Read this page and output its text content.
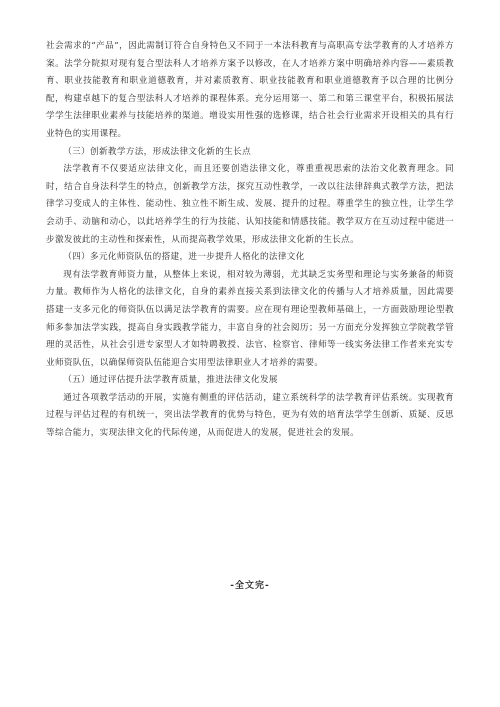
社会需求的“产品”，因此需制订符合自身特色又不同于一本法科教育与高职高专法学教育的人才培养方案。法学分院拟对现有复合型法科人才培养方案予以修改，在人才培养方案中明确培养内容——素质教育、职业技能教育和职业道德教育，并对素质教育、职业技能教育和职业道德教育予以合理的比例分配，构建卓越下的复合型法科人才培养的课程体系。充分运用第一、第二和第三课堂平台，积极拓展法学学生法律职业素养与技能培养的渠道。增设实用性强的选修课，结合社会行业需求开设相关的具有行业特色的实用课程。

（三）创新教学方法，形成法律文化新的生长点

法学教育不仅要适应法律文化，而且还要创造法律文化，尊重重视思索的法治文化教育理念。同时，结合自身法科学生的特点，创新教学方法，探究互动性教学，一改以往法律辞典式教学方法，把法律学习变成人的主体性、能动性、独立性不断生成、发展、提升的过程。尊重学生的独立性，让学生学会动手、动脑和动心，以此培养学生的行为技能、认知技能和情感技能。教学双方在互动过程中能进一步激发彼此的主动性和探索性，从而提高教学效果，形成法律文化新的生长点。

（四）多元化师资队伍的搭建，进一步提升人格化的法律文化

现有法学教育师资力量，从整体上来说，相对较为薄弱，尤其缺乏实务型和理论与实务兼备的师资力量。教师作为人格化的法律文化，自身的素养直接关系到法律文化的传播与人才培养质量，因此需要搭建一支多元化的师资队伍以满足法学教育的需要。应在现有理论型教师基础上，一方面鼓励理论型教师多参加法学实践，提高自身实践教学能力，丰富自身的社会阅历；另一方面充分发挥独立学院教学管理的灵活性，从社会引进专家型人才如特聘教授、法官、检察官、律师等一线实务法律工作者来充实专业师资队伍，以确保师资队伍能迎合实用型法律职业人才培养的需要。

（五）通过评估提升法学教育质量，推进法律文化发展

通过各项教学活动的开展，实施有侧重的评估活动，建立系统科学的法学教育评估系统。实现教育过程与评估过程的有机统一，突出法学教育的优势与特色，更为有效的培育法学学生创新、质疑、反思等综合能力，实现法律文化的代际传递，从而促进人的发展，促进社会的发展。

-全文完-
